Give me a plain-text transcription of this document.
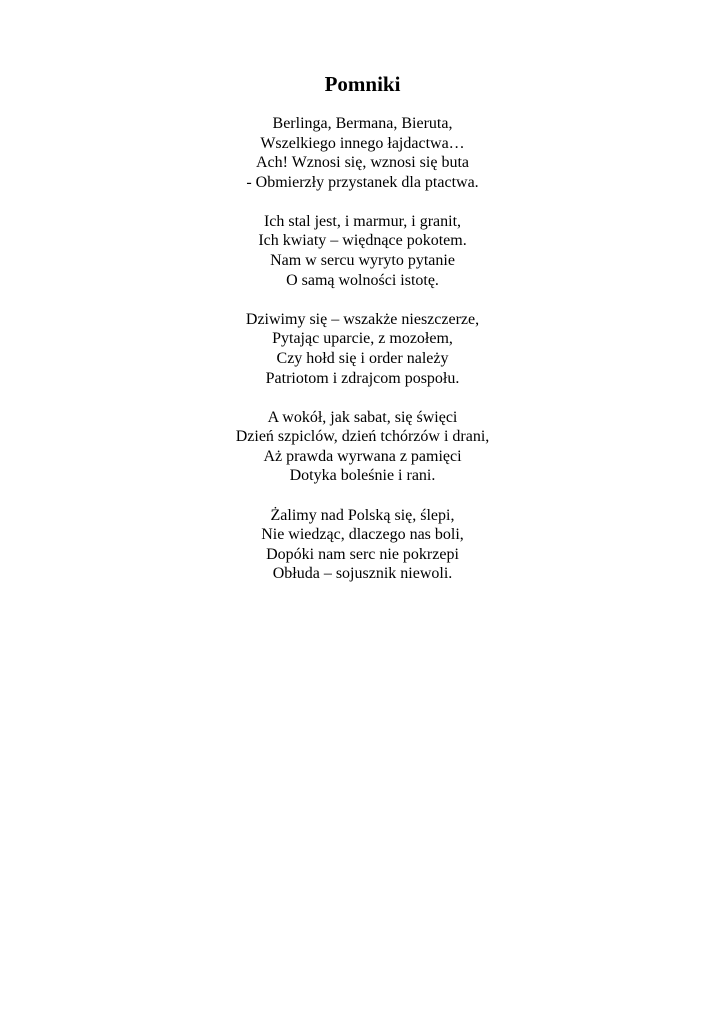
Pomniki
Berlinga, Bermana, Bieruta,
Wszelkiego innego łajdactwa…
Ach! Wznosi się, wznosi się buta
- Obmierzły przystanek dla ptactwa.
Ich stal jest, i marmur, i granit,
Ich kwiaty – więdnące pokotem.
Nam w sercu wyryto pytanie
O samą wolności istotę.
Dziwimy się – wszakże nieszczerze,
Pytając uparcie, z mozołem,
Czy hołd się i order należy
Patriotom i zdrajcom pospołu.
A wokół, jak sabat, się święci
Dzień szpiclów, dzień tchórzów i drani,
Aż prawda wyrwana z pamięci
Dotyka boleśnie i rani.
Żalimy nad Polską się, ślepi,
Nie wiedząc, dlaczego nas boli,
Dopóki nam serc nie pokrzepi
Obłuda – sojusznik niewoli.
